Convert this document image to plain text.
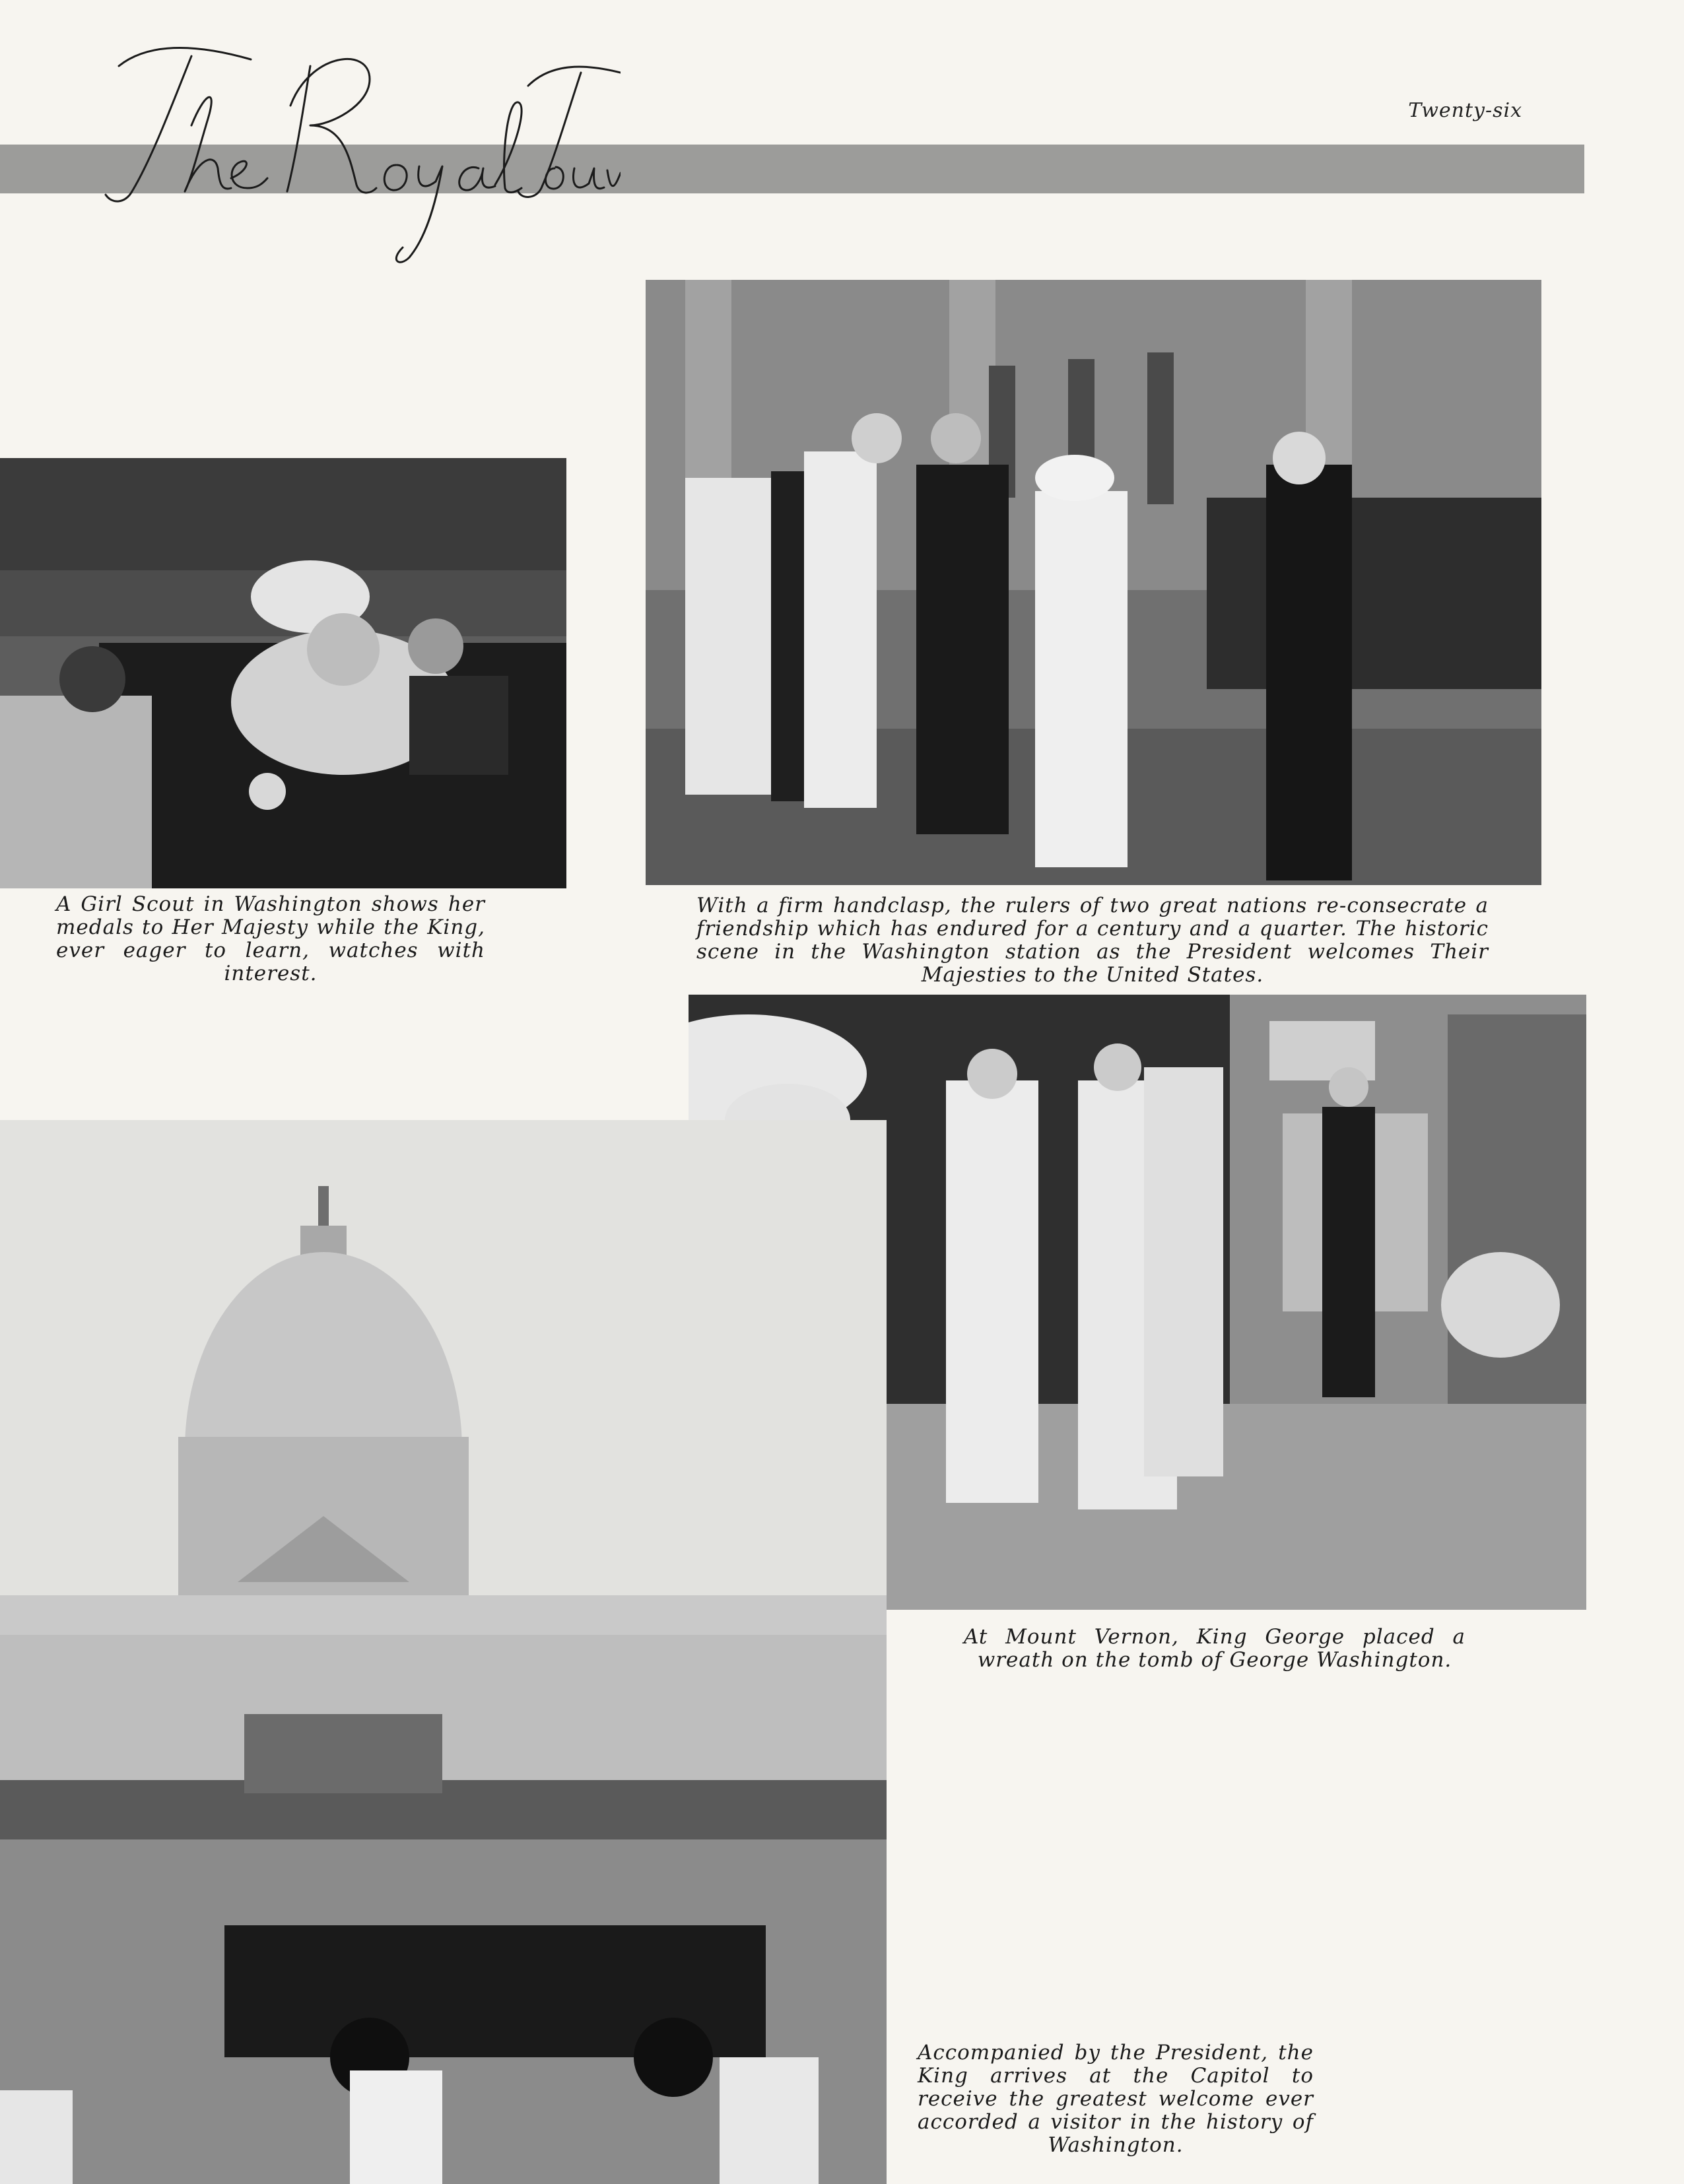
Twenty-six
A Girl Scout in Washington shows her medals to Her Majesty while the King, ever eager to learn, watches with interest.
With a firm handclasp, the rulers of two great nations re-consecrate a friendship which has endured for a century and a quarter. The historic scene in the Washington station as the President welcomes Their Majesties to the United States.
At Mount Vernon, King George placed a wreath on the tomb of George Washington.
Accompanied by the President, the King arrives at the Capitol to receive the greatest welcome ever accorded a visitor in the history of Washington.
